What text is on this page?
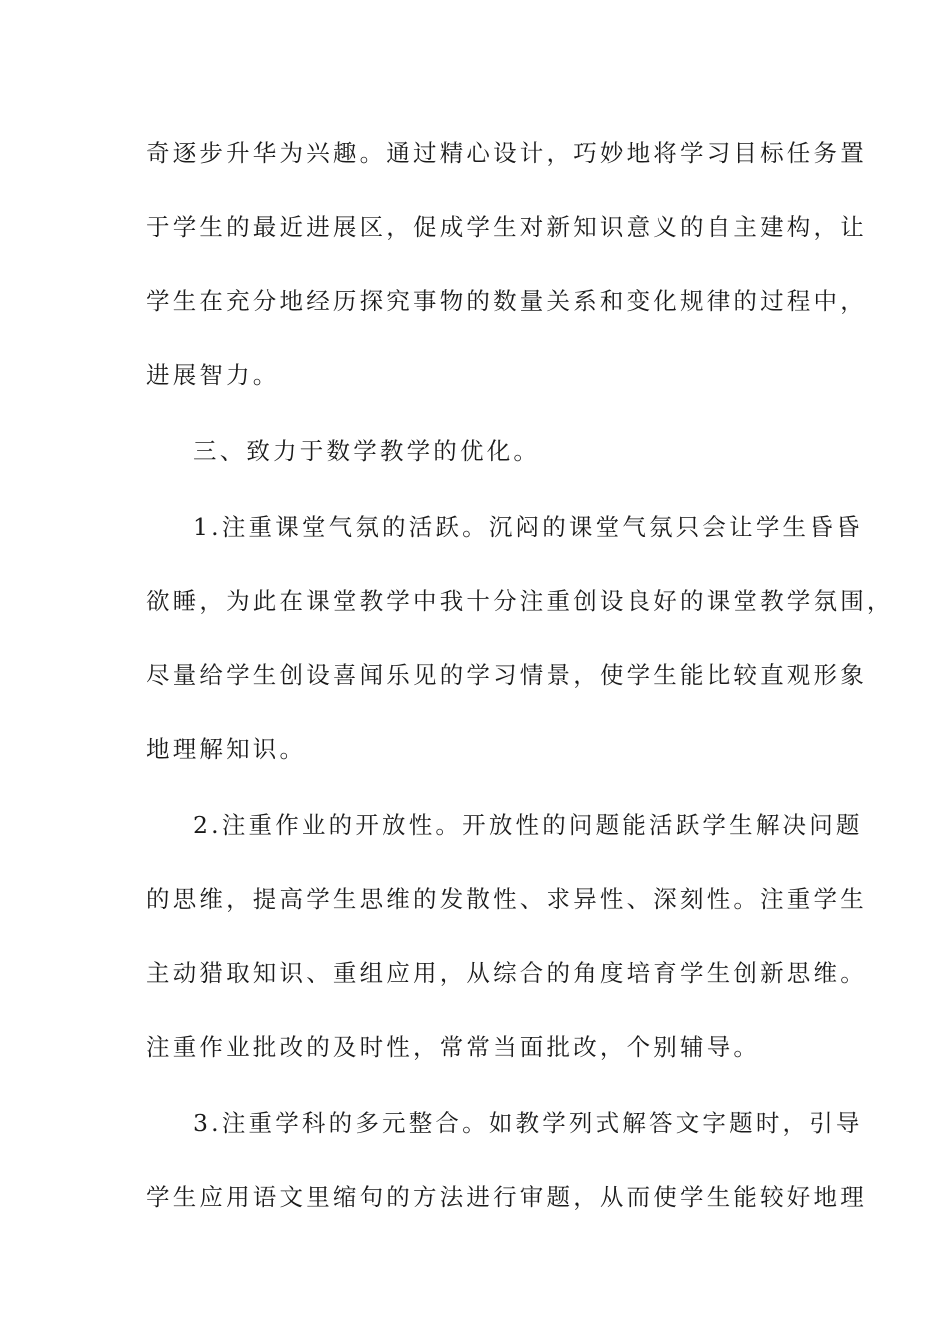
奇逐步升华为兴趣。通过精心设计，巧妙地将学习目标任务置
于学生的最近进展区，促成学生对新知识意义的自主建构，让
学生在充分地经历探究事物的数量关系和变化规律的过程中，
进展智力。
三、致力于数学教学的优化。
1.注重课堂气氛的活跃。沉闷的课堂气氛只会让学生昏昏
欲睡，为此在课堂教学中我十分注重创设良好的课堂教学氛围，
尽量给学生创设喜闻乐见的学习情景，使学生能比较直观形象
地理解知识。
2.注重作业的开放性。开放性的问题能活跃学生解决问题
的思维，提高学生思维的发散性、求异性、深刻性。注重学生
主动猎取知识、重组应用，从综合的角度培育学生创新思维。
注重作业批改的及时性，常常当面批改，个别辅导。
3.注重学科的多元整合。如教学列式解答文字题时，引导
学生应用语文里缩句的方法进行审题，从而使学生能较好地理
